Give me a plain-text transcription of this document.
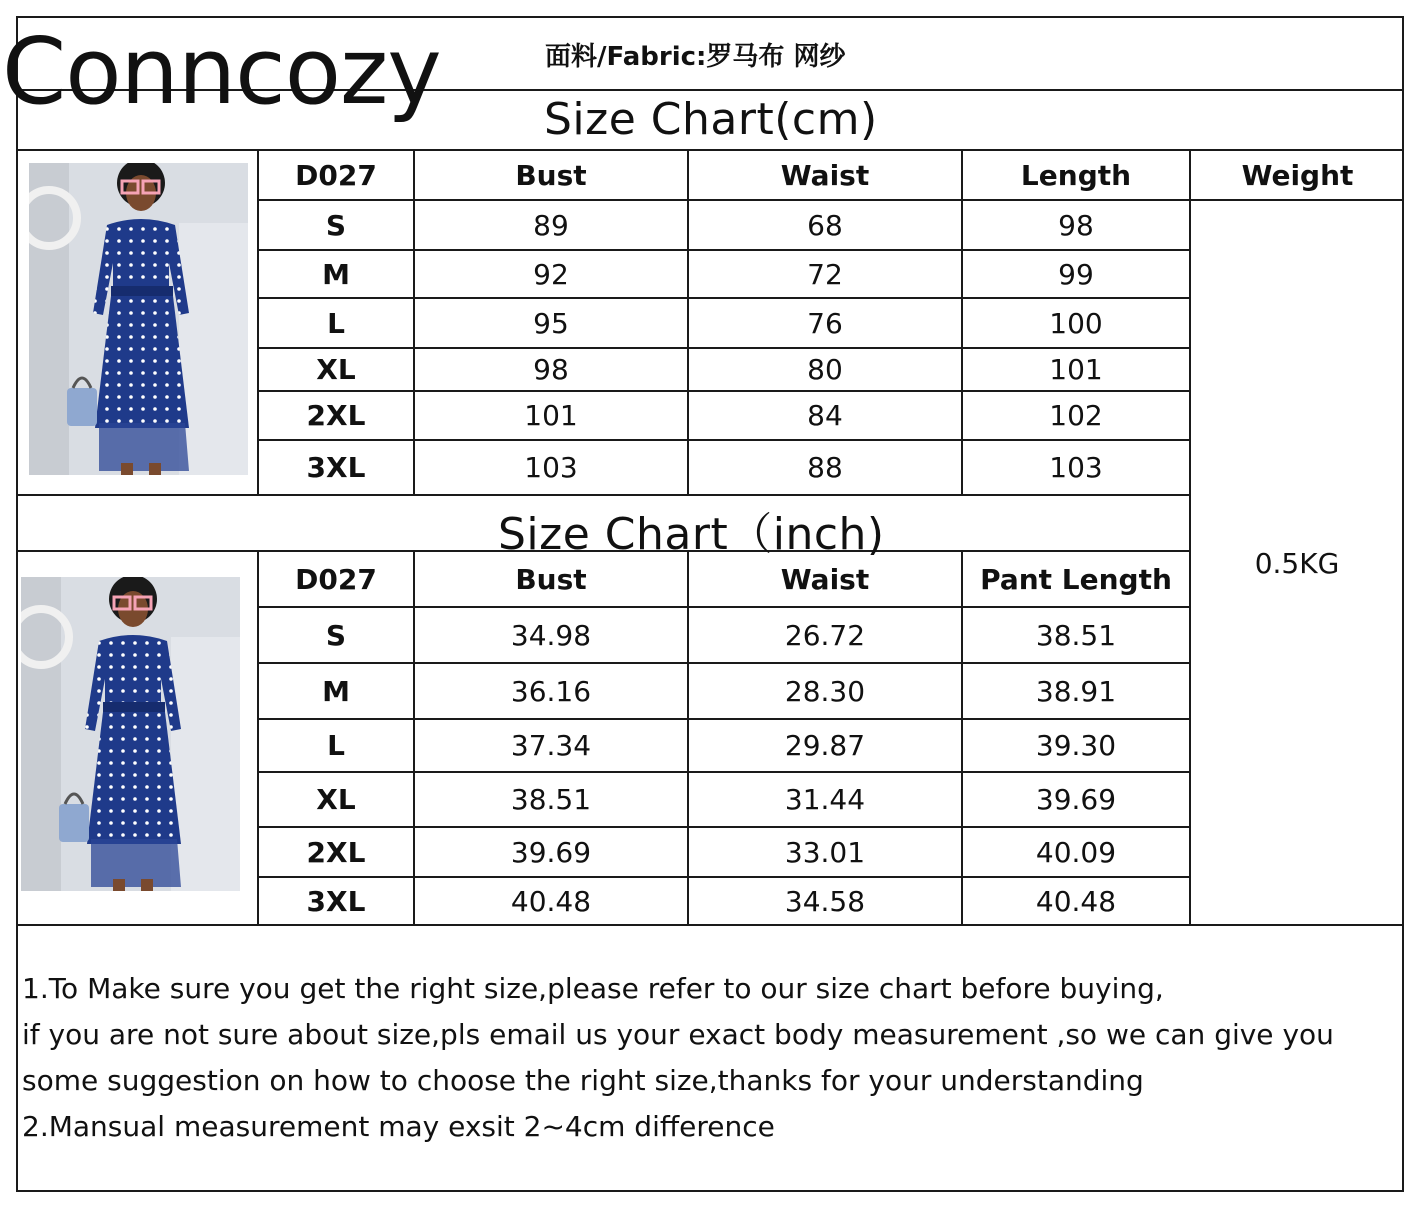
Conncozy	面料/Fabric:罗马布 网纱
Size Chart(cm)
Size Chart（inch)
D027	Bust	Waist	Length	Weight
S	89	68	98
M	92	72	99
L	95	76	100
XL	98	80	101
2XL	101	84	102
3XL	103	88	103
D027	Bust	Waist	Pant Length
S	34.98	26.72	38.51
M	36.16	28.30	38.91
L	37.34	29.87	39.30
XL	38.51	31.44	39.69
2XL	39.69	33.01	40.09
3XL	40.48	34.58	40.48
0.5KG
1.To Make sure you get the right size,please refer to our size chart before buying,
if you are not sure about size,pls email us your exact body measurement ,so we can give you
some suggestion on how to choose the right size,thanks for your understanding
2.Mansual measurement may exsit 2~4cm difference
